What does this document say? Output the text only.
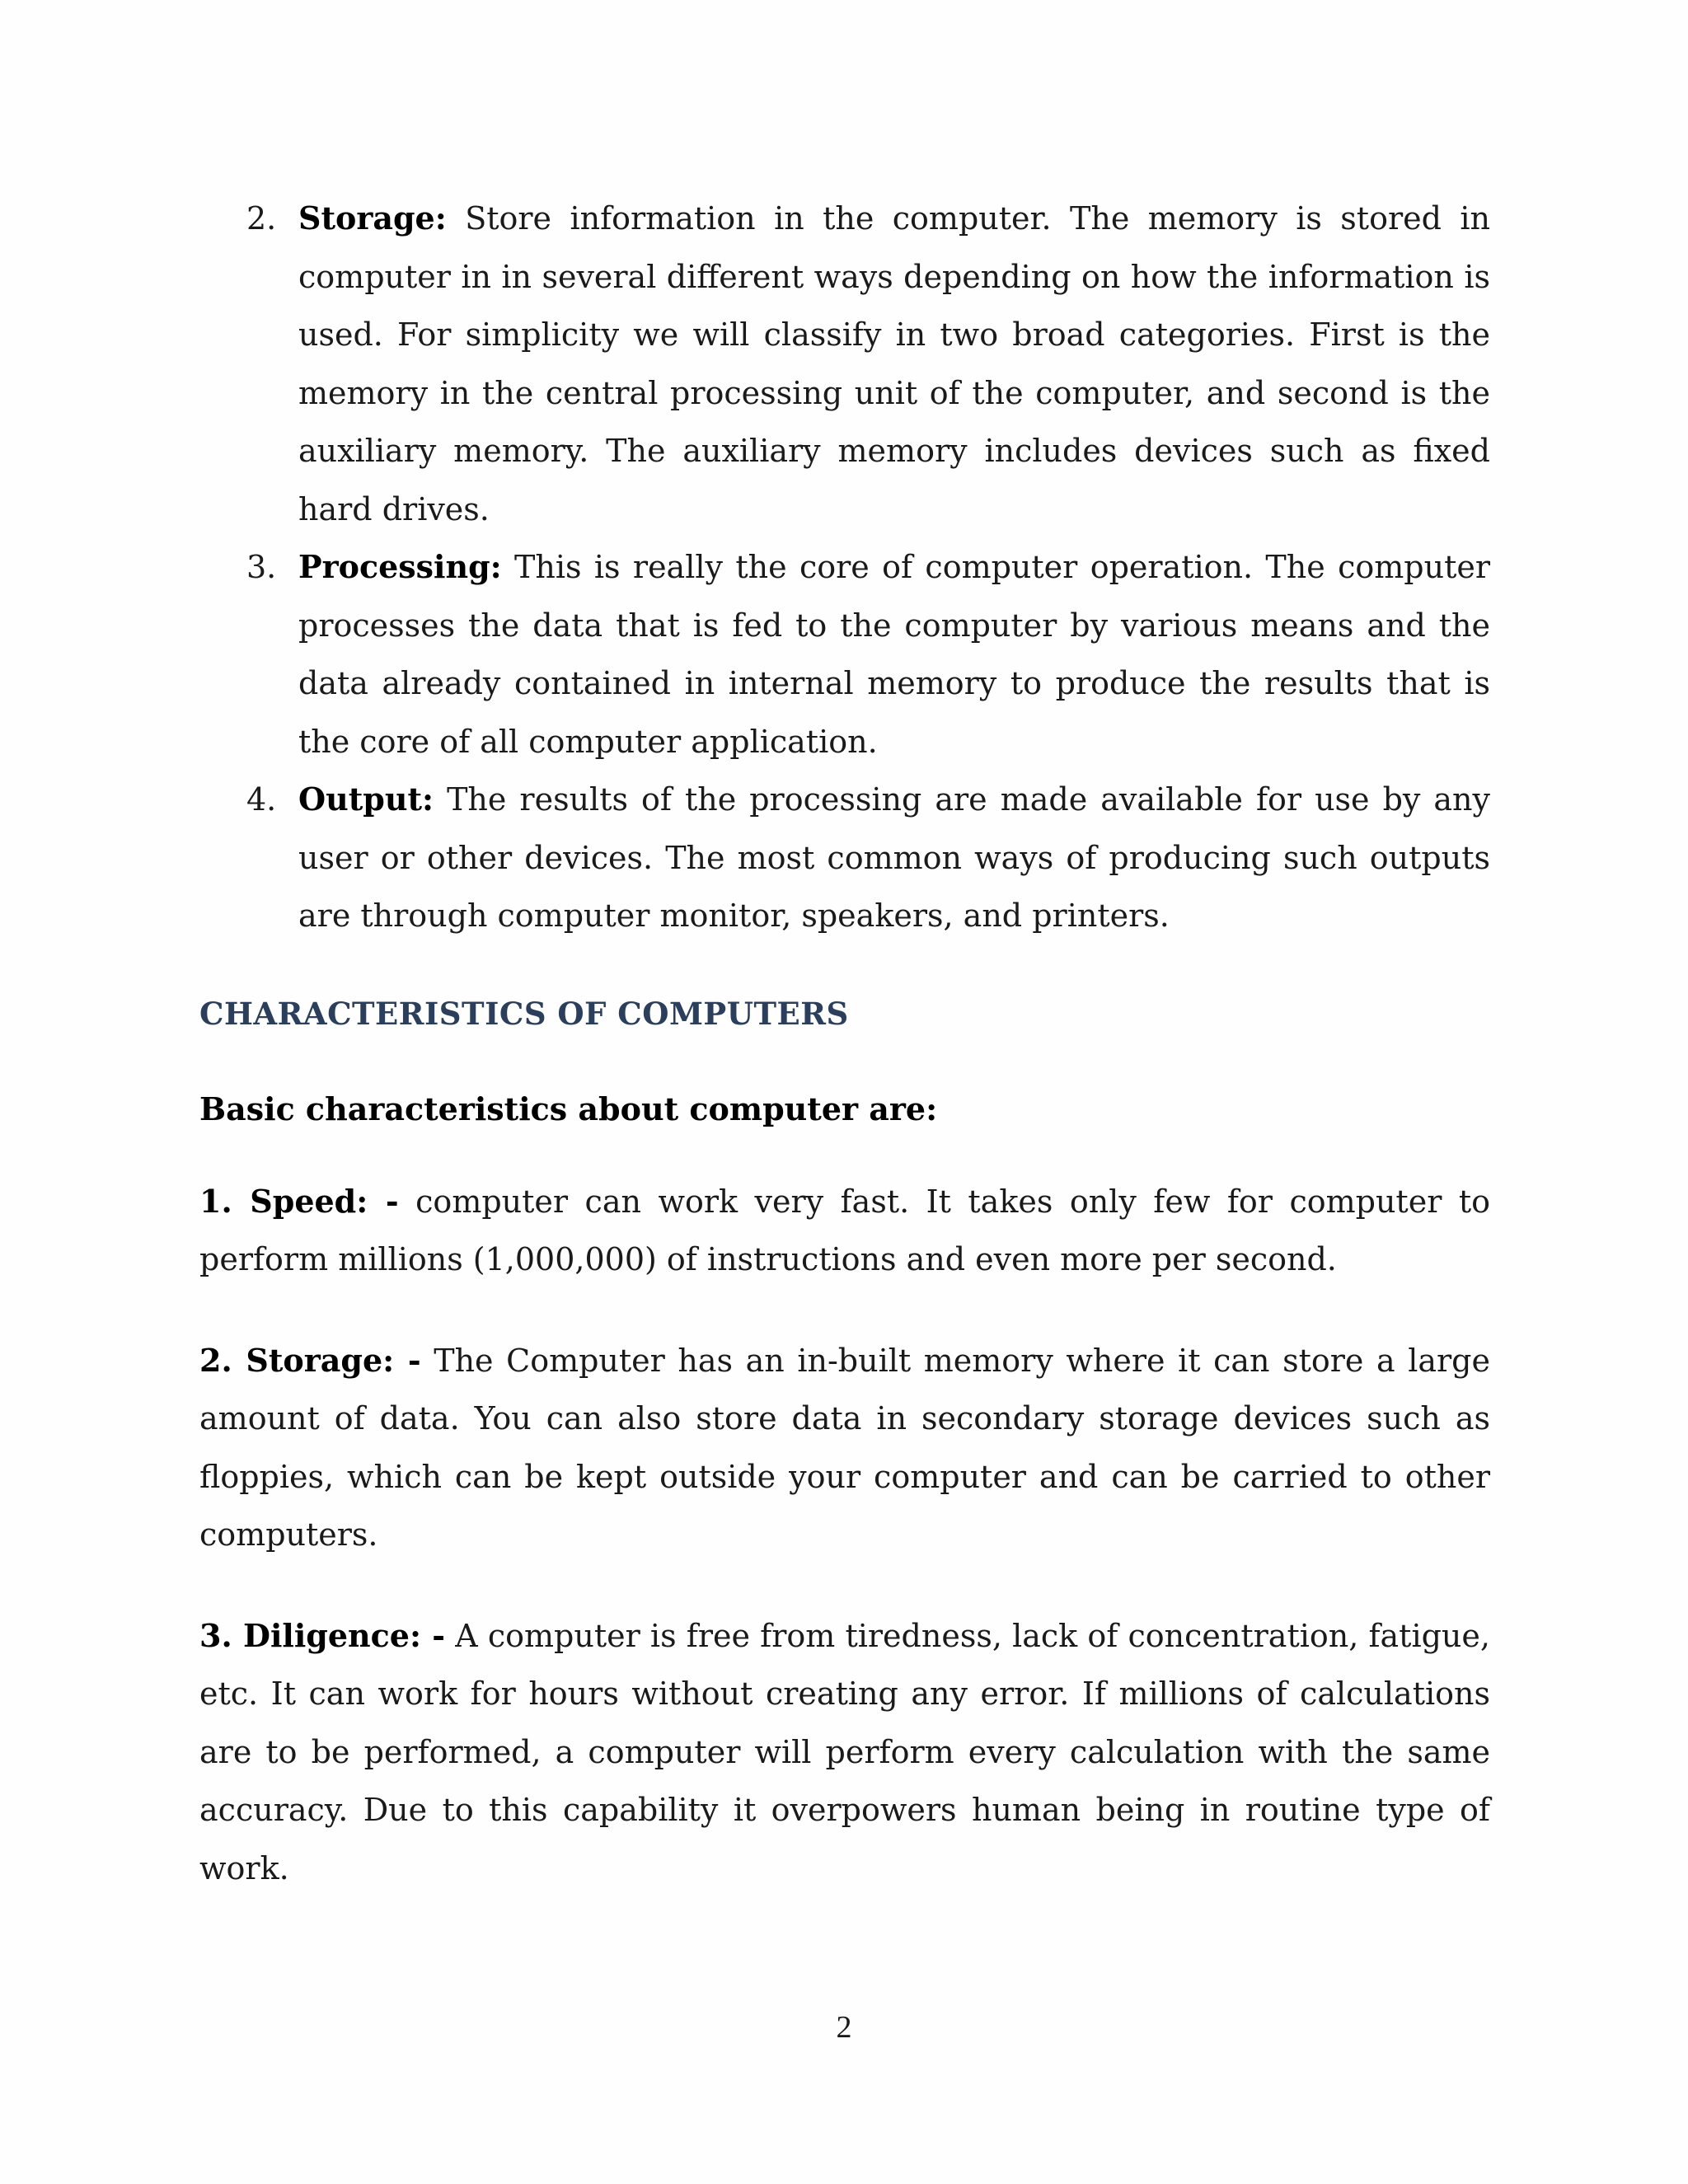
2. Storage: Store information in the computer. The memory is stored in computer in in several different ways depending on how the information is used. For simplicity we will classify in two broad categories. First is the memory in the central processing unit of the computer, and second is the auxiliary memory. The auxiliary memory includes devices such as fixed hard drives.
3. Processing: This is really the core of computer operation. The computer processes the data that is fed to the computer by various means and the data already contained in internal memory to produce the results that is the core of all computer application.
4. Output: The results of the processing are made available for use by any user or other devices. The most common ways of producing such outputs are through computer monitor, speakers, and printers.
CHARACTERISTICS OF COMPUTERS

Basic characteristics about computer are:

1. Speed: - computer can work very fast. It takes only few for computer to perform millions (1,000,000) of instructions and even more per second.

2. Storage: - The Computer has an in-built memory where it can store a large amount of data. You can also store data in secondary storage devices such as floppies, which can be kept outside your computer and can be carried to other computers.

3. Diligence: - A computer is free from tiredness, lack of concentration, fatigue, etc. It can work for hours without creating any error. If millions of calculations are to be performed, a computer will perform every calculation with the same accuracy. Due to this capability it overpowers human being in routine type of work.

2
